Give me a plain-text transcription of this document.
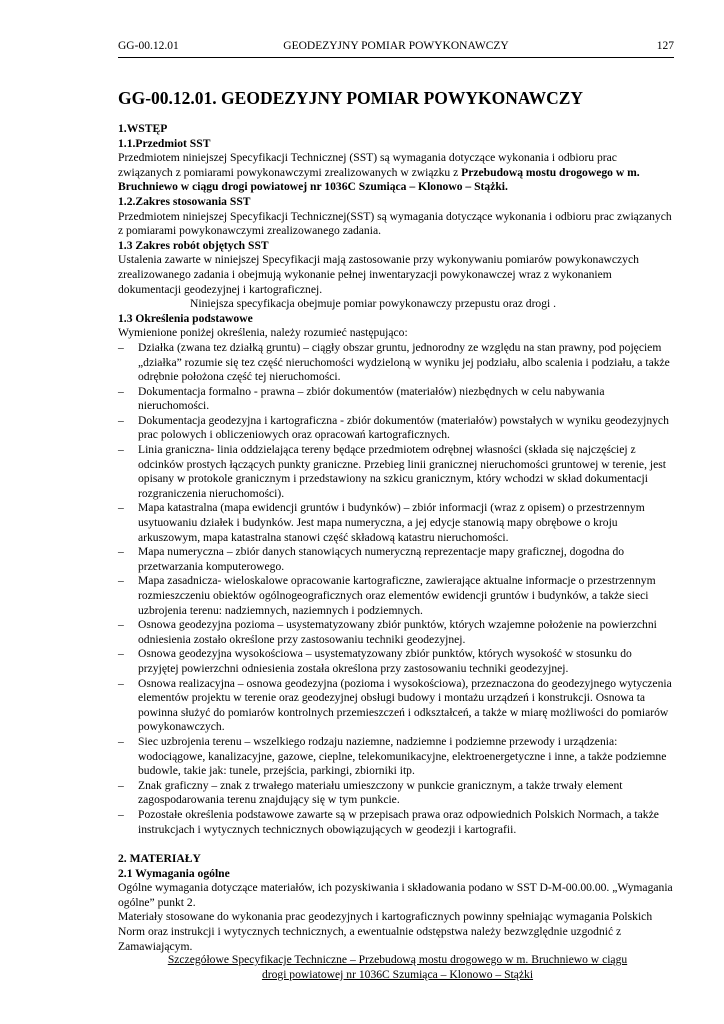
GG-00.12.01	GEODEZYJNY POMIAR POWYKONAWCZY	127
GG-00.12.01. GEODEZYJNY POMIAR POWYKONAWCZY

1.WSTĘP

1.1.Przedmiot SST

Przedmiotem niniejszej Specyfikacji Technicznej (SST) są wymagania dotyczące wykonania i odbioru prac związanych z pomiarami powykonawczymi zrealizowanych w związku z Przebudową mostu drogowego w m. Bruchniewo w ciągu drogi powiatowej nr 1036C Szumiąca – Klonowo – Stążki.

1.2.Zakres stosowania SST

Przedmiotem niniejszej Specyfikacji Technicznej(SST) są wymagania dotyczące wykonania i odbioru prac związanych z pomiarami powykonawczymi zrealizowanego zadania.

1.3 Zakres robót objętych SST

Ustalenia zawarte w niniejszej Specyfikacji mają zastosowanie przy wykonywaniu pomiarów powykonawczych zrealizowanego zadania i obejmują wykonanie pełnej inwentaryzacji powykonawczej wraz z wykonaniem dokumentacji geodezyjnej i kartograficznej.

Niniejsza specyfikacja obejmuje pomiar powykonawczy przepustu oraz drogi .

1.3 Określenia podstawowe

Wymienione poniżej określenia, należy rozumieć następująco:

– Działka (zwana tez działką gruntu) – ciągły obszar gruntu, jednorodny ze względu na stan prawny, pod pojęciem „działka” rozumie się tez część nieruchomości wydzieloną w wyniku jej podziału, albo scalenia i podziału, a także odrębnie położona część tej nieruchomości.
– Dokumentacja formalno - prawna – zbiór dokumentów (materiałów) niezbędnych w celu nabywania nieruchomości.
– Dokumentacja geodezyjna i kartograficzna - zbiór dokumentów (materiałów) powstałych w wyniku geodezyjnych prac polowych i obliczeniowych oraz opracowań kartograficznych.
– Linia graniczna- linia oddzielająca tereny będące przedmiotem odrębnej własności (składa się najczęściej z odcinków prostych łączących punkty graniczne. Przebieg linii granicznej nieruchomości gruntowej w terenie, jest opisany w protokole granicznym i przedstawiony na szkicu granicznym, który wchodzi w skład dokumentacji rozgraniczenia nieruchomości).
– Mapa katastralna (mapa ewidencji gruntów i budynków) – zbiór informacji (wraz z opisem) o przestrzennym usytuowaniu działek i budynków. Jest mapa numeryczna, a jej edycje stanowią mapy obrębowe o kroju arkuszowym, mapa katastralna stanowi część składową katastru nieruchomości.
– Mapa numeryczna – zbiór danych stanowiących numeryczną reprezentacje mapy graficznej, dogodna do przetwarzania komputerowego.
– Mapa zasadnicza- wieloskalowe opracowanie kartograficzne, zawierające aktualne informacje o przestrzennym rozmieszczeniu obiektów ogólnogeograficznych oraz elementów ewidencji gruntów i budynków, a także sieci uzbrojenia terenu: nadziemnych, naziemnych i podziemnych.
– Osnowa geodezyjna pozioma – usystematyzowany zbiór punktów, których wzajemne położenie na powierzchni odniesienia zostało określone przy zastosowaniu techniki geodezyjnej.
– Osnowa geodezyjna wysokościowa – usystematyzowany zbiór punktów, których wysokość w stosunku do przyjętej powierzchni odniesienia została określona przy zastosowaniu techniki geodezyjnej.
– Osnowa realizacyjna – osnowa geodezyjna (pozioma i wysokościowa), przeznaczona do geodezyjnego wytyczenia elementów projektu w terenie oraz geodezyjnej obsługi budowy i montażu urządzeń i konstrukcji. Osnowa ta powinna służyć do pomiarów kontrolnych przemieszczeń i odkształceń, a także w miarę możliwości do pomiarów powykonawczych.
– Siec uzbrojenia terenu – wszelkiego rodzaju naziemne, nadziemne i podziemne przewody i urządzenia: wodociągowe, kanalizacyjne, gazowe, cieplne, telekomunikacyjne, elektroenergetyczne i inne, a także podziemne budowle, takie jak: tunele, przejścia, parkingi, zbiorniki itp.
– Znak graficzny – znak z trwałego materiału umieszczony w punkcie granicznym, a także trwały element zagospodarowania terenu znajdujący się w tym punkcie.
– Pozostałe określenia podstawowe zawarte są w przepisach prawa oraz odpowiednich Polskich Normach, a także instrukcjach i wytycznych technicznych obowiązujących w geodezji i kartografii.

2. MATERIAŁY

2.1 Wymagania ogólne

Ogólne wymagania dotyczące materiałów, ich pozyskiwania i składowania podano w SST D-M-00.00.00. „Wymagania ogólne” punkt 2.

Materiały stosowane do wykonania prac geodezyjnych i kartograficznych powinny spełniając wymagania Polskich Norm oraz instrukcji i wytycznych technicznych, a ewentualnie odstępstwa należy bezwzględnie uzgodnić z Zamawiającym.

Szczegółowe Specyfikacje Techniczne – Przebudową mostu drogowego w m. Bruchniewo w ciągu
drogi powiatowej nr 1036C Szumiąca – Klonowo – Stążki
